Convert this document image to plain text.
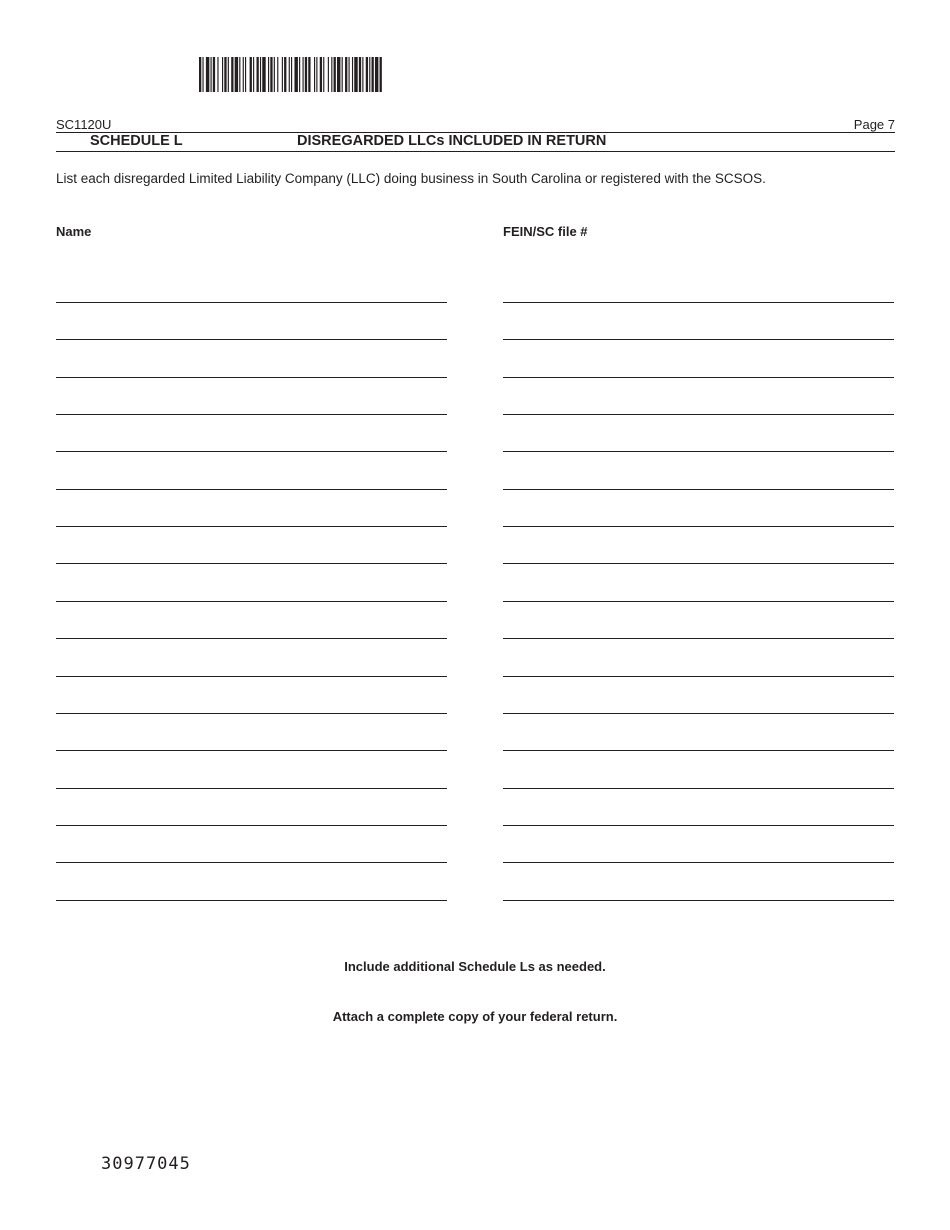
SC1120U	Page 7
SCHEDULE L	DISREGARDED LLCs INCLUDED IN RETURN
List each disregarded Limited Liability Company (LLC) doing business in South Carolina or registered with the SCSOS.
Name	FEIN/SC file #
Include additional Schedule Ls as needed.
Attach a complete copy of your federal return.
30977045
